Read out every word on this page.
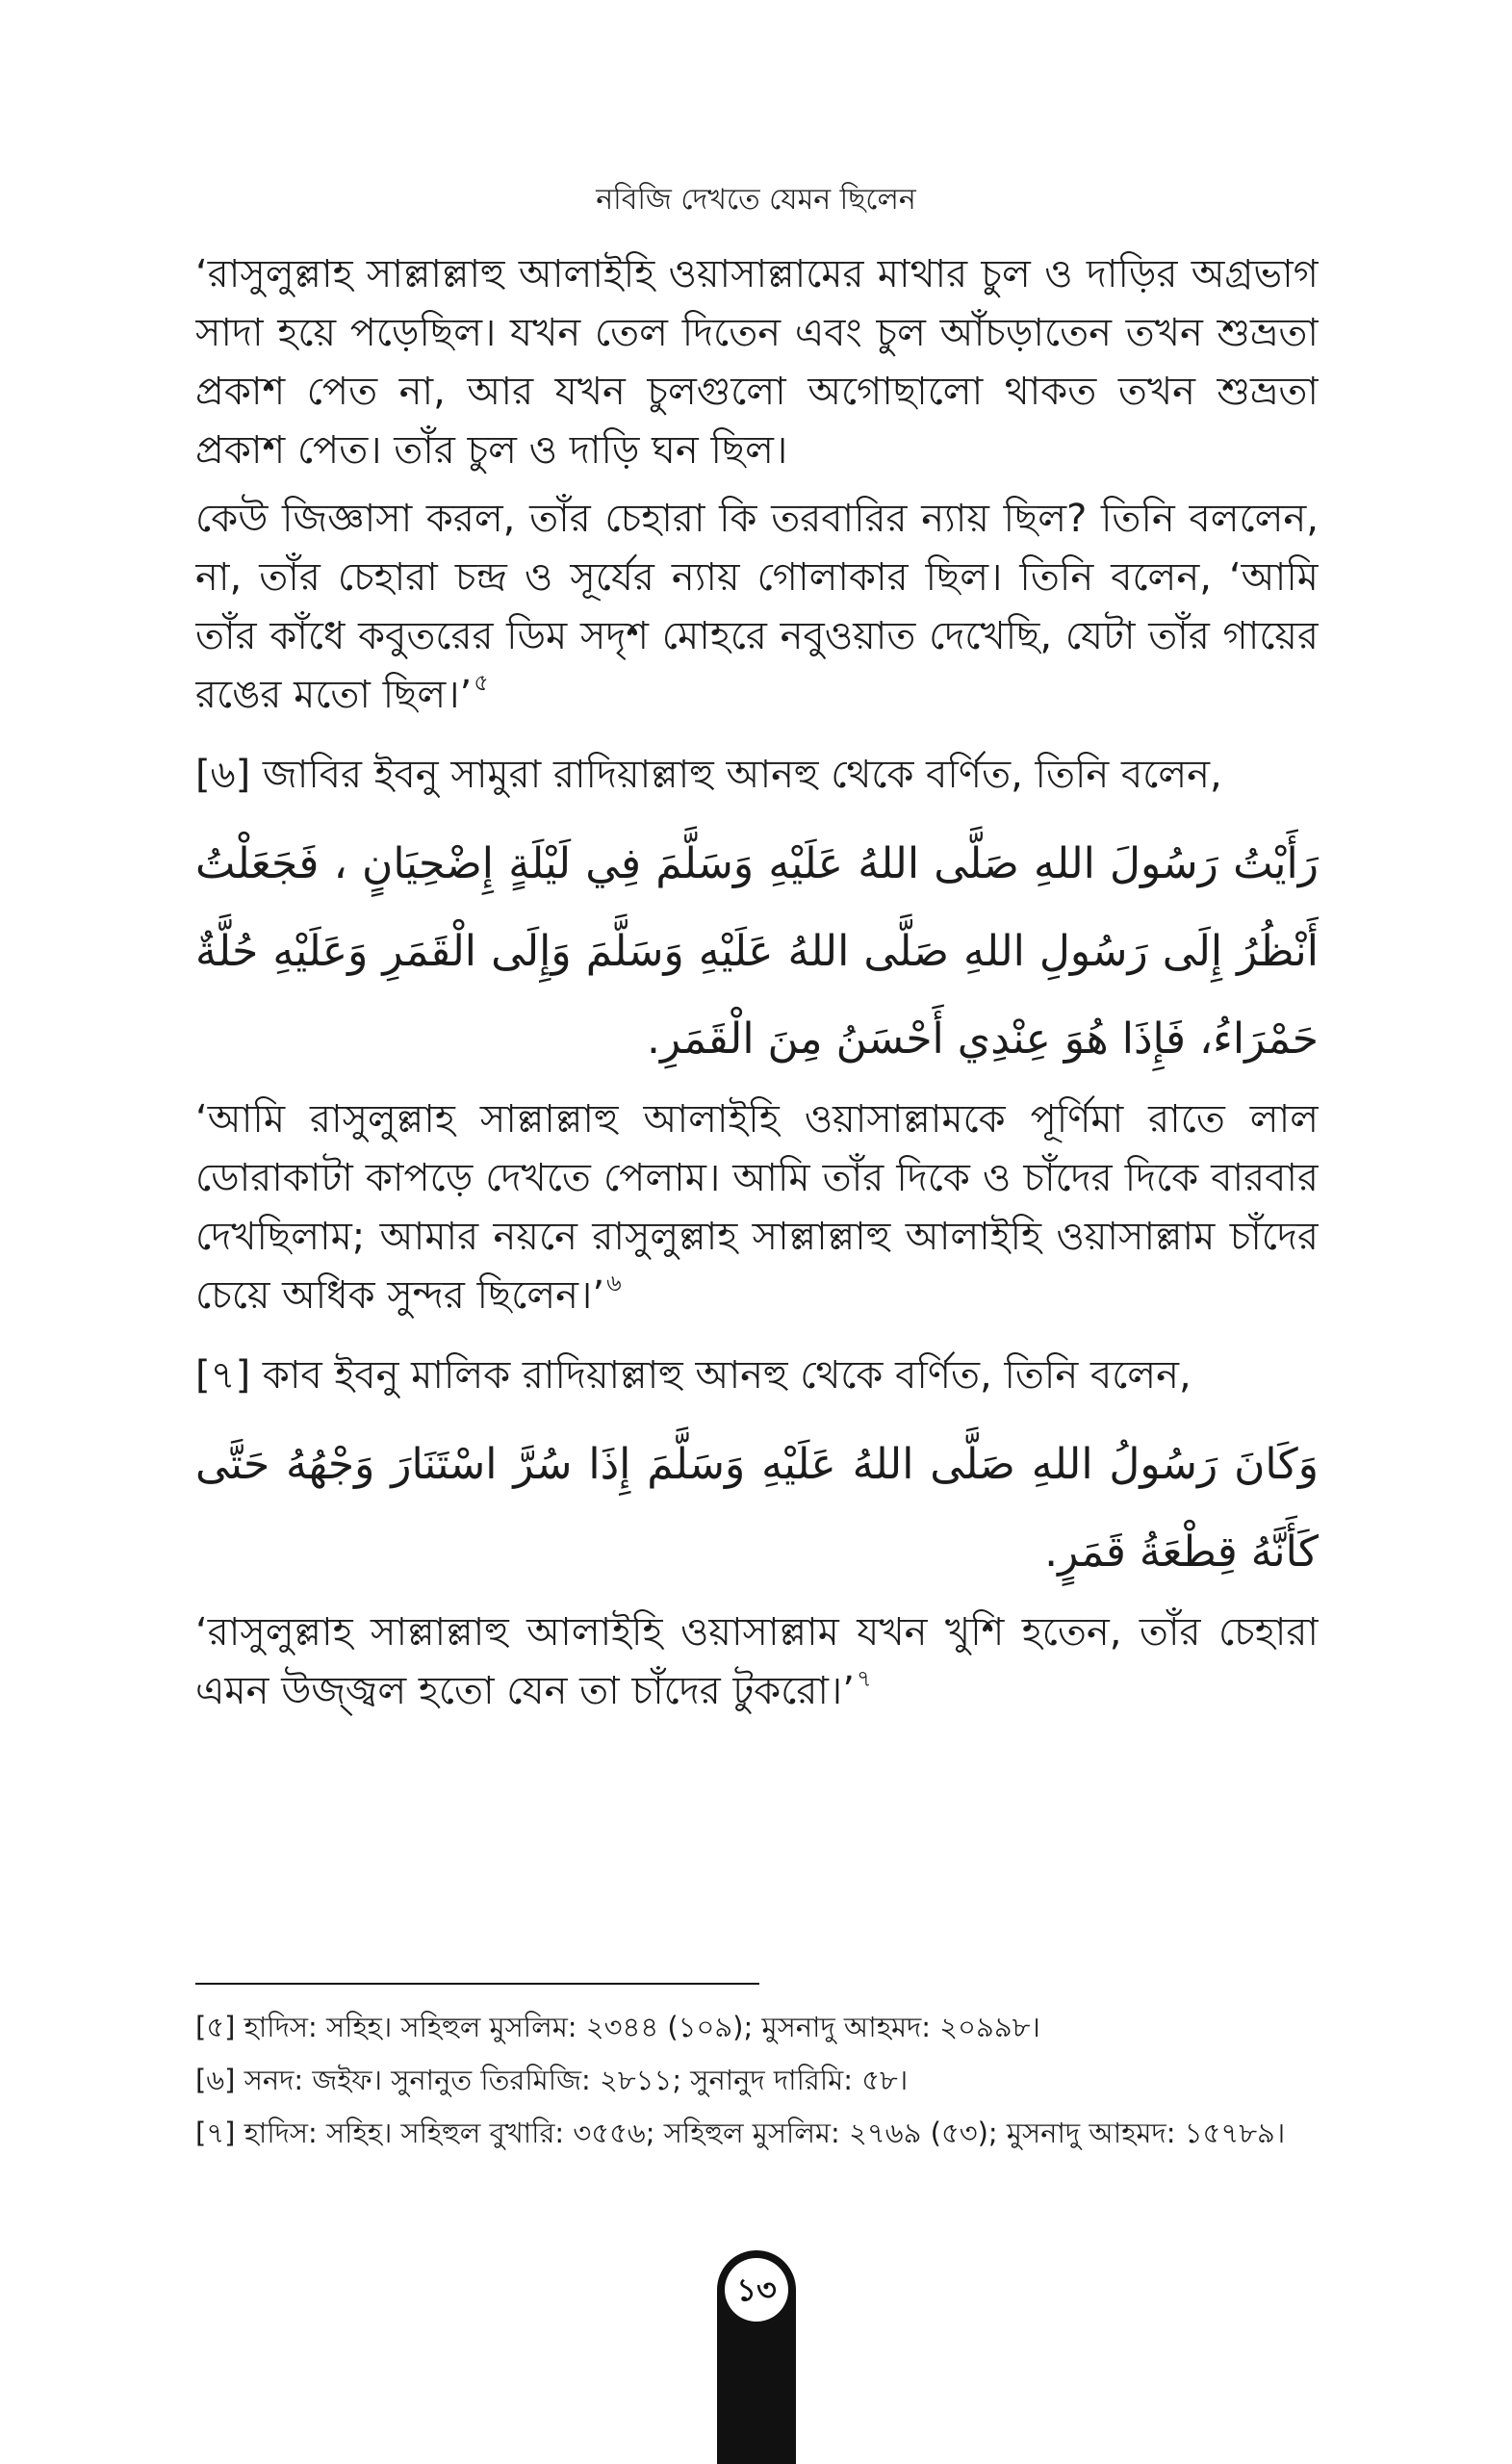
নবিজি দেখতে যেমন ছিলেন

‘রাসুলুল্লাহ সাল্লাল্লাহু আলাইহি ওয়াসাল্লামের মাথার চুল ও দাড়ির অগ্রভাগ সাদা হয়ে পড়েছিল। যখন তেল দিতেন এবং চুল আঁচড়াতেন তখন শুভ্রতা প্রকাশ পেত না, আর যখন চুলগুলো অগোছালো থাকত তখন শুভ্রতা প্রকাশ পেত। তাঁর চুল ও দাড়ি ঘন ছিল।

কেউ জিজ্ঞাসা করল, তাঁর চেহারা কি তরবারির ন্যায় ছিল? তিনি বললেন, না, তাঁর চেহারা চন্দ্র ও সূর্যের ন্যায় গোলাকার ছিল। তিনি বলেন, ‘আমি তাঁর কাঁধে কবুতরের ডিম সদৃশ মোহরে নবুওয়াত দেখেছি, যেটা তাঁর গায়ের রঙের মতো ছিল।’$^৫$

[৬] জাবির ইবনু সামুরা রাদিয়াল্লাহু আনহু থেকে বর্ণিত, তিনি বলেন,

رَأَيْتُ رَسُولَ اللهِ صَلَّى اللهُ عَلَيْهِ وَسَلَّمَ فِي لَيْلَةٍ إِضْحِيَانٍ ، فَجَعَلْتُ أَنْظُرُ إِلَى رَسُولِ اللهِ صَلَّى اللهُ عَلَيْهِ وَسَلَّمَ وَإِلَى الْقَمَرِ وَعَلَيْهِ حُلَّةٌ حَمْرَاءُ، فَإِذَا هُوَ عِنْدِي أَحْسَنُ مِنَ الْقَمَرِ.

‘আমি রাসুলুল্লাহ সাল্লাল্লাহু আলাইহি ওয়াসাল্লামকে পূর্ণিমা রাতে লাল ডোরাকাটা কাপড়ে দেখতে পেলাম। আমি তাঁর দিকে ও চাঁদের দিকে বারবার দেখছিলাম; আমার নয়নে রাসুলুল্লাহ সাল্লাল্লাহু আলাইহি ওয়াসাল্লাম চাঁদের চেয়ে অধিক সুন্দর ছিলেন।’$^৬$

[৭] কাব ইবনু মালিক রাদিয়াল্লাহু আনহু থেকে বর্ণিত, তিনি বলেন,

وَكَانَ رَسُولُ اللهِ صَلَّى اللهُ عَلَيْهِ وَسَلَّمَ إِذَا سُرَّ اسْتَنَارَ وَجْهُهُ حَتَّى كَأَنَّهُ قِطْعَةُ قَمَرٍ.

‘রাসুলুল্লাহ সাল্লাল্লাহু আলাইহি ওয়াসাল্লাম যখন খুশি হতেন, তাঁর চেহারা এমন উজ্জ্বল হতো যেন তা চাঁদের টুকরো।’$^৭$

[৫] হাদিস: সহিহ। সহিহুল মুসলিম: ২৩৪৪ (১০৯); মুসনাদু আহমদ: ২০৯৯৮।
[৬] সনদ: জইফ। সুনানুত তিরমিজি: ২৮১১; সুনানুদ দারিমি: ৫৮।
[৭] হাদিস: সহিহ। সহিহুল বুখারি: ৩৫৫৬; সহিহুল মুসলিম: ২৭৬৯ (৫৩); মুসনাদু আহমদ: ১৫৭৮৯।
১৩
